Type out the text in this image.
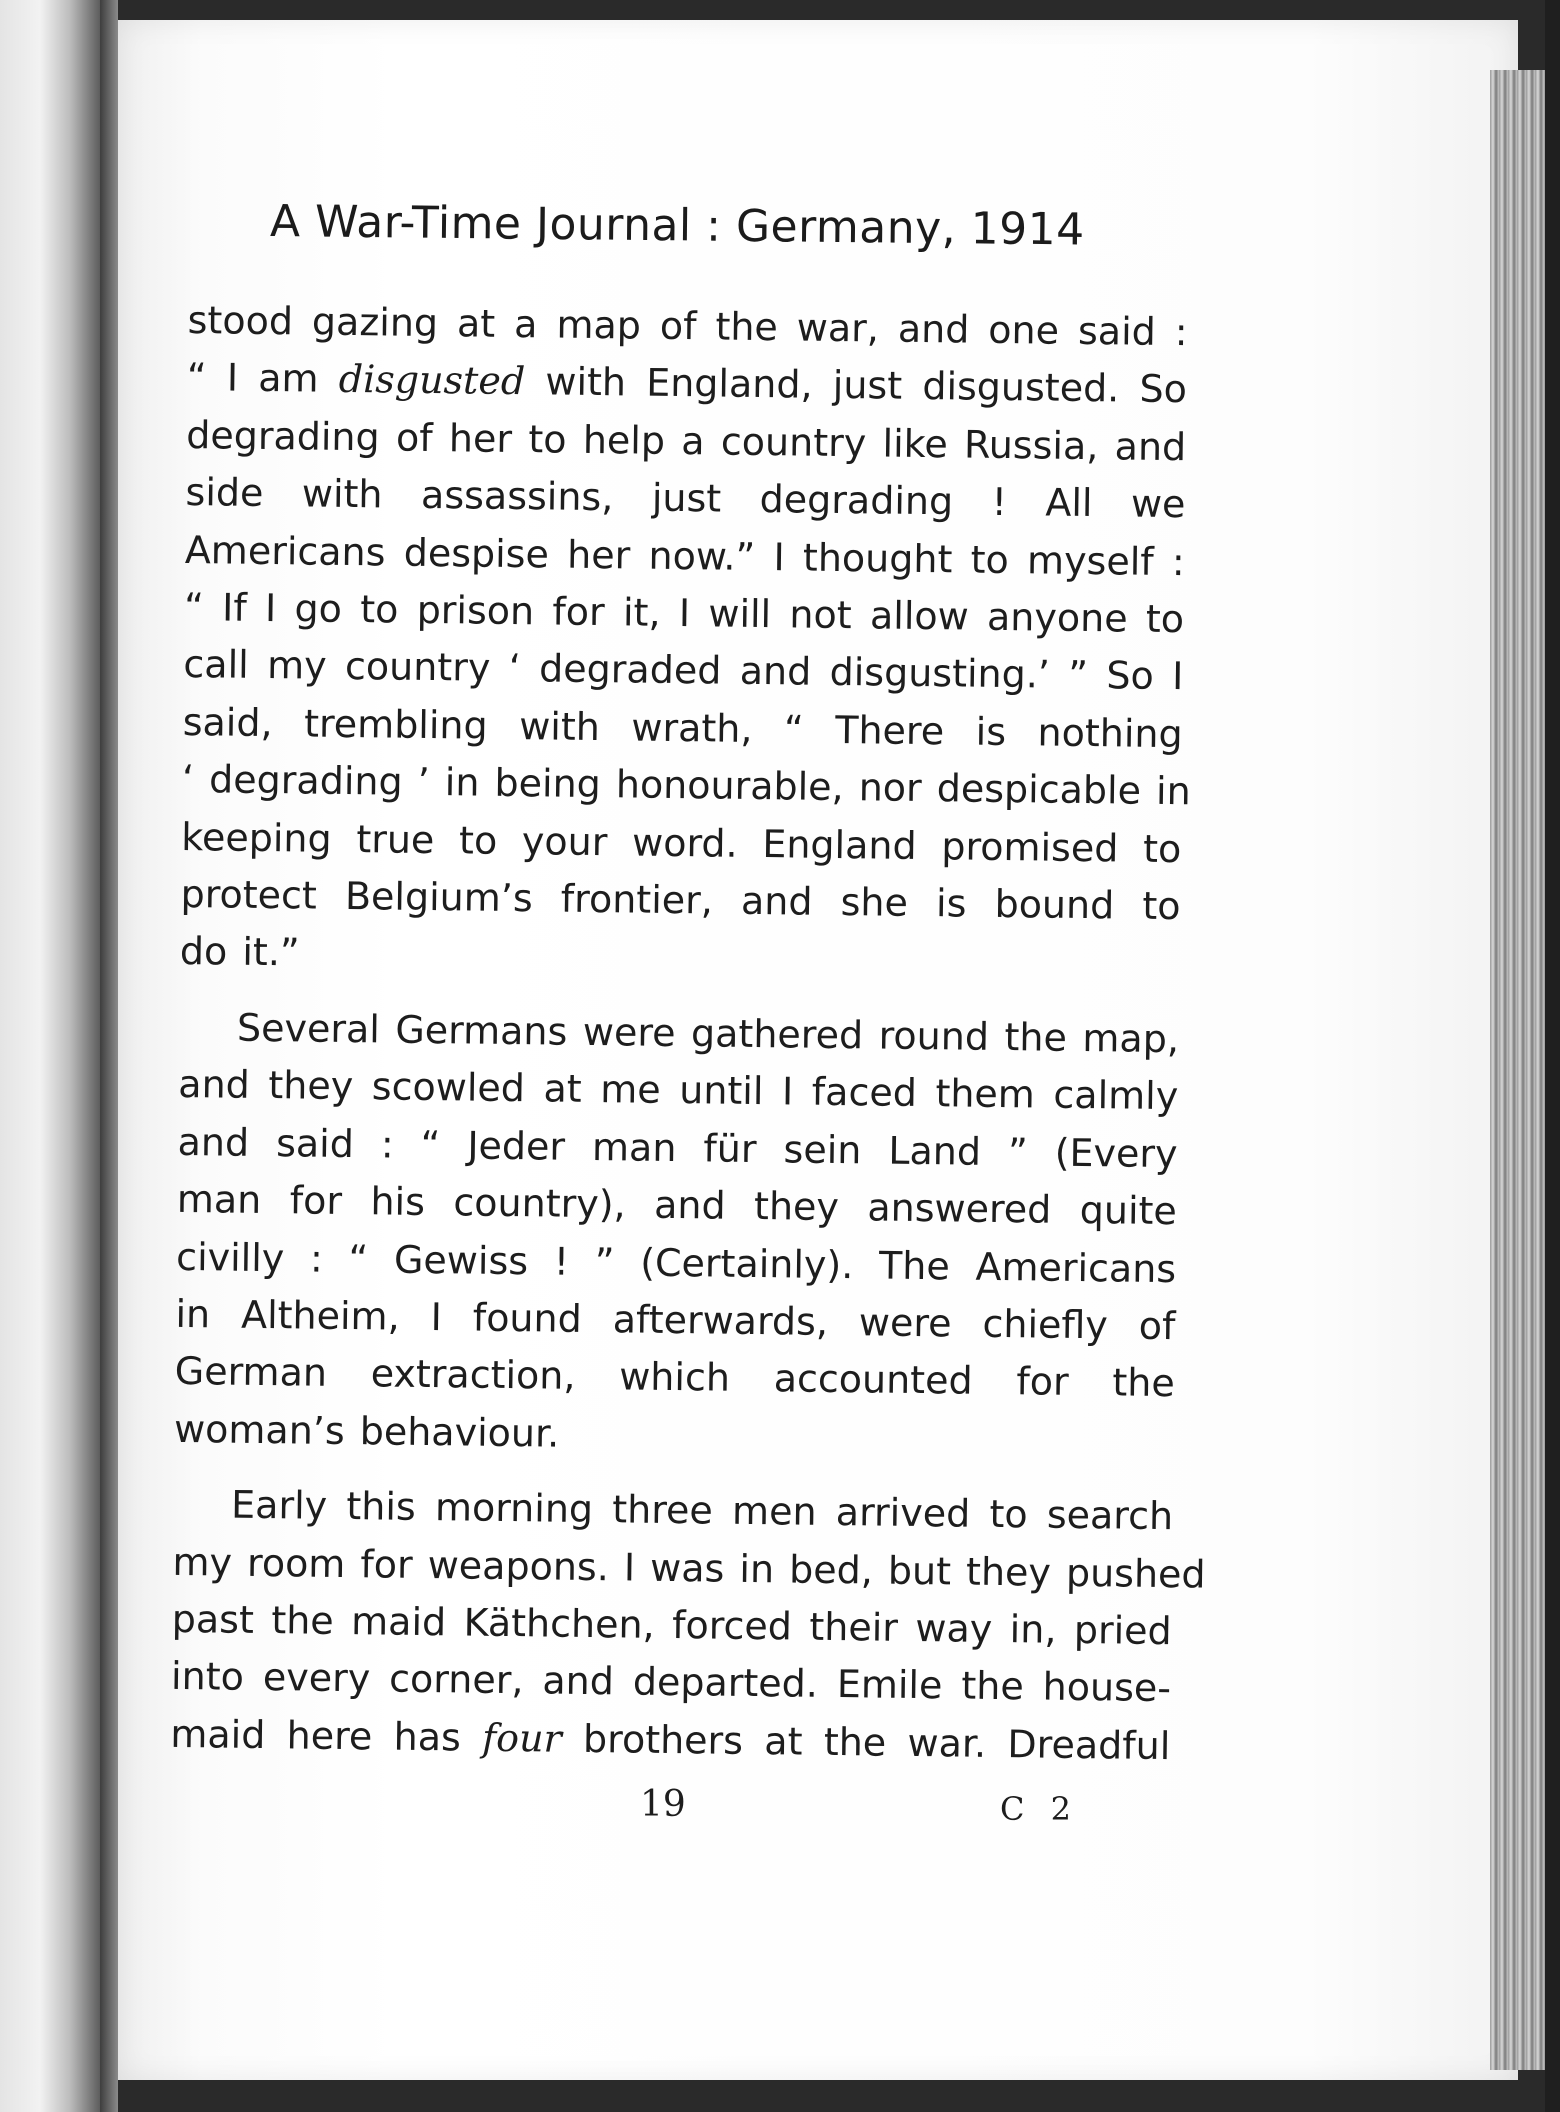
A War-Time Journal : Germany, 1914

stood gazing at a map of the war, and one said :
“ I am disgusted with England, just disgusted. So
degrading of her to help a country like Russia, and
side with assassins, just degrading ! All we
Americans despise her now.” I thought to myself :
“ If I go to prison for it, I will not allow anyone to
call my country ‘ degraded and disgusting.’ ” So I
said, trembling with wrath, “ There is nothing
‘ degrading ’ in being honourable, nor despicable in
keeping true to your word. England promised to
protect Belgium’s frontier, and she is bound to
do it.”

Several Germans were gathered round the map,
and they scowled at me until I faced them calmly
and said : “ Jeder man für sein Land ” (Every
man for his country), and they answered quite
civilly : “ Gewiss ! ” (Certainly). The Americans
in Altheim, I found afterwards, were chiefly of
German extraction, which accounted for the
woman’s behaviour.

Early this morning three men arrived to search
my room for weapons. I was in bed, but they pushed
past the maid Käthchen, forced their way in, pried
into every corner, and departed. Emile the house-
maid here has four brothers at the war. Dreadful

19	C 2
